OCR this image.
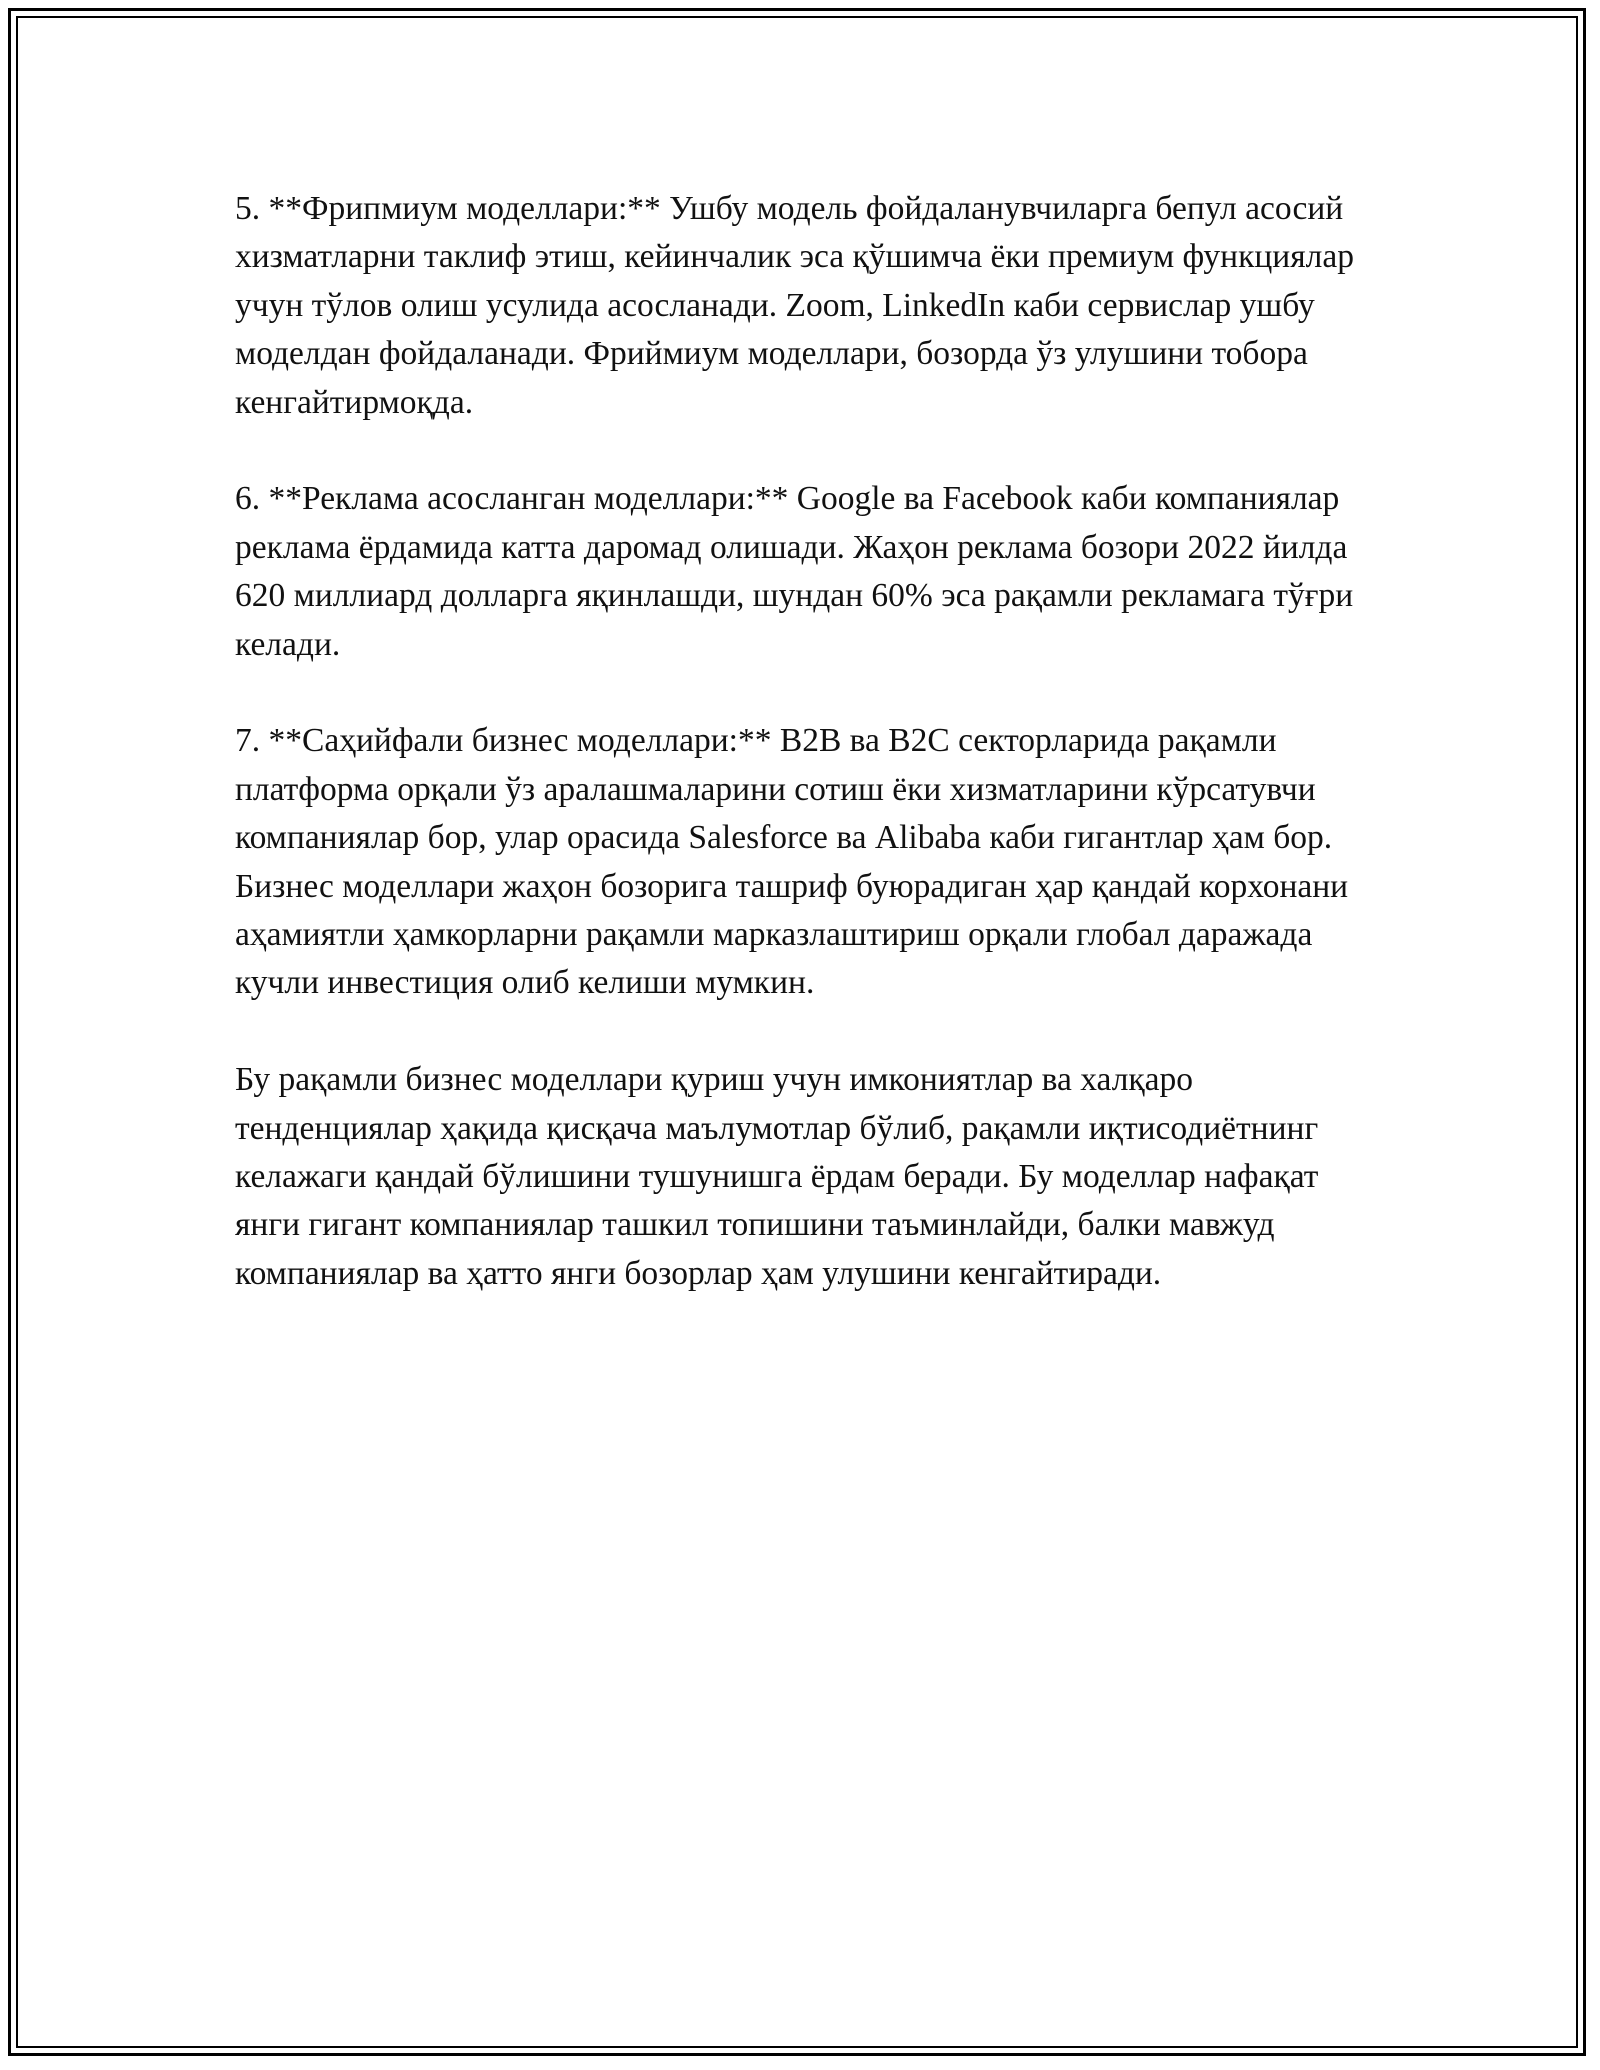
5. **Фрипмиум моделлари:** Ушбу модель фойдаланувчиларга бепул асосий хизматларни таклиф этиш, кейинчалик эса қўшимча ёки премиум функциялар учун тўлов олиш усулида асосланади. Zoom, LinkedIn каби сервислар ушбу моделдан фойдаланади. Фриймиум моделлари, бозорда ўз улушини тобора кенгайтирмоқда.

6. **Реклама асосланган моделлари:** Google ва Facebook каби компаниялар реклама ёрдамида катта даромад олишади. Жаҳон реклама бозори 2022 йилда 620 миллиард долларга яқинлашди, шундан 60% эса рақамли рекламага тўғри келади.

7. **Саҳийфали бизнес моделлари:** B2B ва B2C секторларида рақамли платформа орқали ўз аралашмаларини сотиш ёки хизматларини кўрсатувчи компаниялар бор, улар орасида Salesforce ва Alibaba каби гигантлар ҳам бор. Бизнес моделлари жаҳон бозорига ташриф буюрадиган ҳар қандай корхонани аҳамиятли ҳамкорларни рақамли марказлаштириш орқали глобал даражада кучли инвестиция олиб келиши мумкин.

Бу рақамли бизнес моделлари қуриш учун имкониятлар ва халқаро тенденциялар ҳақида қисқача маълумотлар бўлиб, рақамли иқтисодиётнинг келажаги қандай бўлишини тушунишга ёрдам беради. Бу моделлар нафақат янги гигант компаниялар ташкил топишини таъминлайди, балки мавжуд компаниялар ва ҳатто янги бозорлар ҳам улушини кенгайтиради.
